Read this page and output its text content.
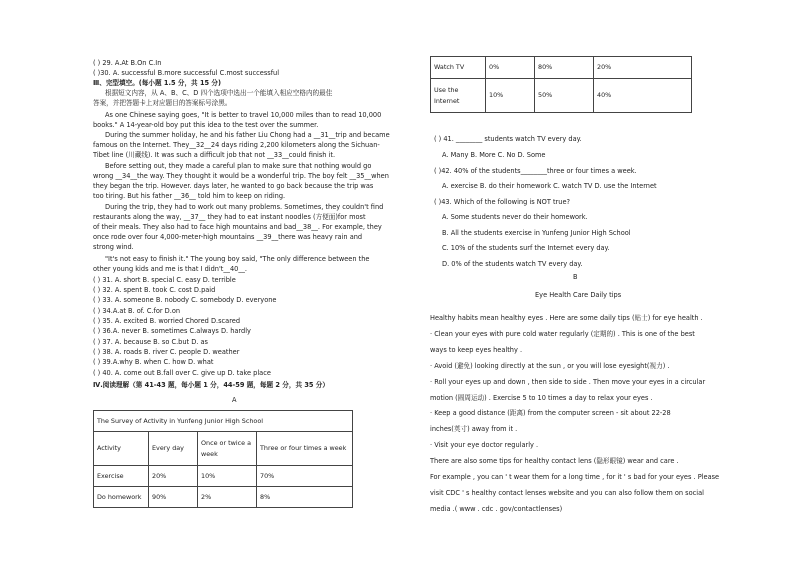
( ) 29. A.At B.On C.In
( )30. A. successful B.more successful C.most successful
Ⅲ、完型填空。(每小题 1.5 分，共 15 分)
根据短文内容，从 A、B、C、D 四个选项中选出一个能填入相应空格内的最佳
答案，并把答题卡上对应题目的答案标号涂黑。
As one Chinese saying goes, "It is better to travel 10,000 miles than to read 10,000
books." A 14-year-old boy put this idea to the test over the summer.
During the summer holiday, he and his father Liu Chong had a __31__trip and became
famous on the Internet. They__32__24 days riding 2,200 kilometers along the Sichuan-
Tibet line (川藏线). It was such a difficult job that not __33__could finish it.
Before setting out, they made a careful plan to make sure that nothing would go
wrong __34__the way. They thought it would be a wonderful trip. The boy felt __35__when
they began the trip. However. days later, he wanted to go back because the trip was
too tiring. But his father __36__ told him to keep on riding.
During the trip, they had to work out many problems. Sometimes, they couldn't find
restaurants along the way, __37__ they had to eat instant noodles (方便面)for most
of their meals. They also had to face high mountains and bad__38__. For example, they
once rode over four 4,000-meter-high mountains __39__there was heavy rain and
strong wind.
"It's not easy to finish it." The young boy said, "The only difference between the
other young kids and me is that I didn't__40__.
( ) 31. A. short B. special C. easy D. terrible
( ) 32. A. spent B. took C. cost D.paid
( ) 33. A. someone B. nobody C. somebody D. everyone
( ) 34.A.at B. of. C.for D.on
( ) 35. A. excited B. worried Chored D.scared
( ) 36.A. never B. sometimes C.always D. hardly
( ) 37. A. because B. so C.but D. as
( ) 38. A. roads B. river C. people D. weather
( ) 39.A.why B. when C. how D. what
( ) 40. A. come out B.fall over C. give up D. take place
Ⅳ.阅读理解（第 41-43 题，每小题 1 分，44-59 题，每题 2 分，共 35 分）
A
The Survey of Activity in Yunfeng Junior High School			
Activity	Every day	Once or twice a week	Three or four times a week
Exercise	20%	10%	70%
Do homework	90%	2%	8%
Watch TV	0%	80%	20%
Use the Internet	10%	50%	40%
( ) 41. ________ students watch TV every day.
A. Many B. More C. No D. Some
( )42. 40% of the students________three or four times a week.
A. exercise B. do their homework C. watch TV D. use the Internet
( )43. Which of the following is NOT true?
A. Some students never do their homework.
B. All the students exercise in Yunfeng Junior High School
C. 10% of the students surf the Internet every day.
D. 0% of the students watch TV every day.
B
Eye Health Care Daily tips
Healthy habits mean healthy eyes . Here are some daily tips (贴士) for eye health .
· Clean your eyes with pure cold water regularly (定期的) . This is one of the best
ways to keep eyes healthy .
· Avoid (避免) looking directly at the sun , or you will lose eyesight(视力) .
· Roll your eyes up and down , then side to side . Then move your eyes in a circular
motion (圆周运动) . Exercise 5 to 10 times a day to relax your eyes .
· Keep a good distance (距离) from the computer screen - sit about 22-28
inches(英寸) away from it .
· Visit your eye doctor regularly .
There are also some tips for healthy contact lens (隐形眼镜) wear and care .
For example , you can ' t wear them for a long time , for it ' s bad for your eyes . Please
visit CDC ' s healthy contact lenses website and you can also follow them on social
media .( www . cdc . gov/contactlenses)
